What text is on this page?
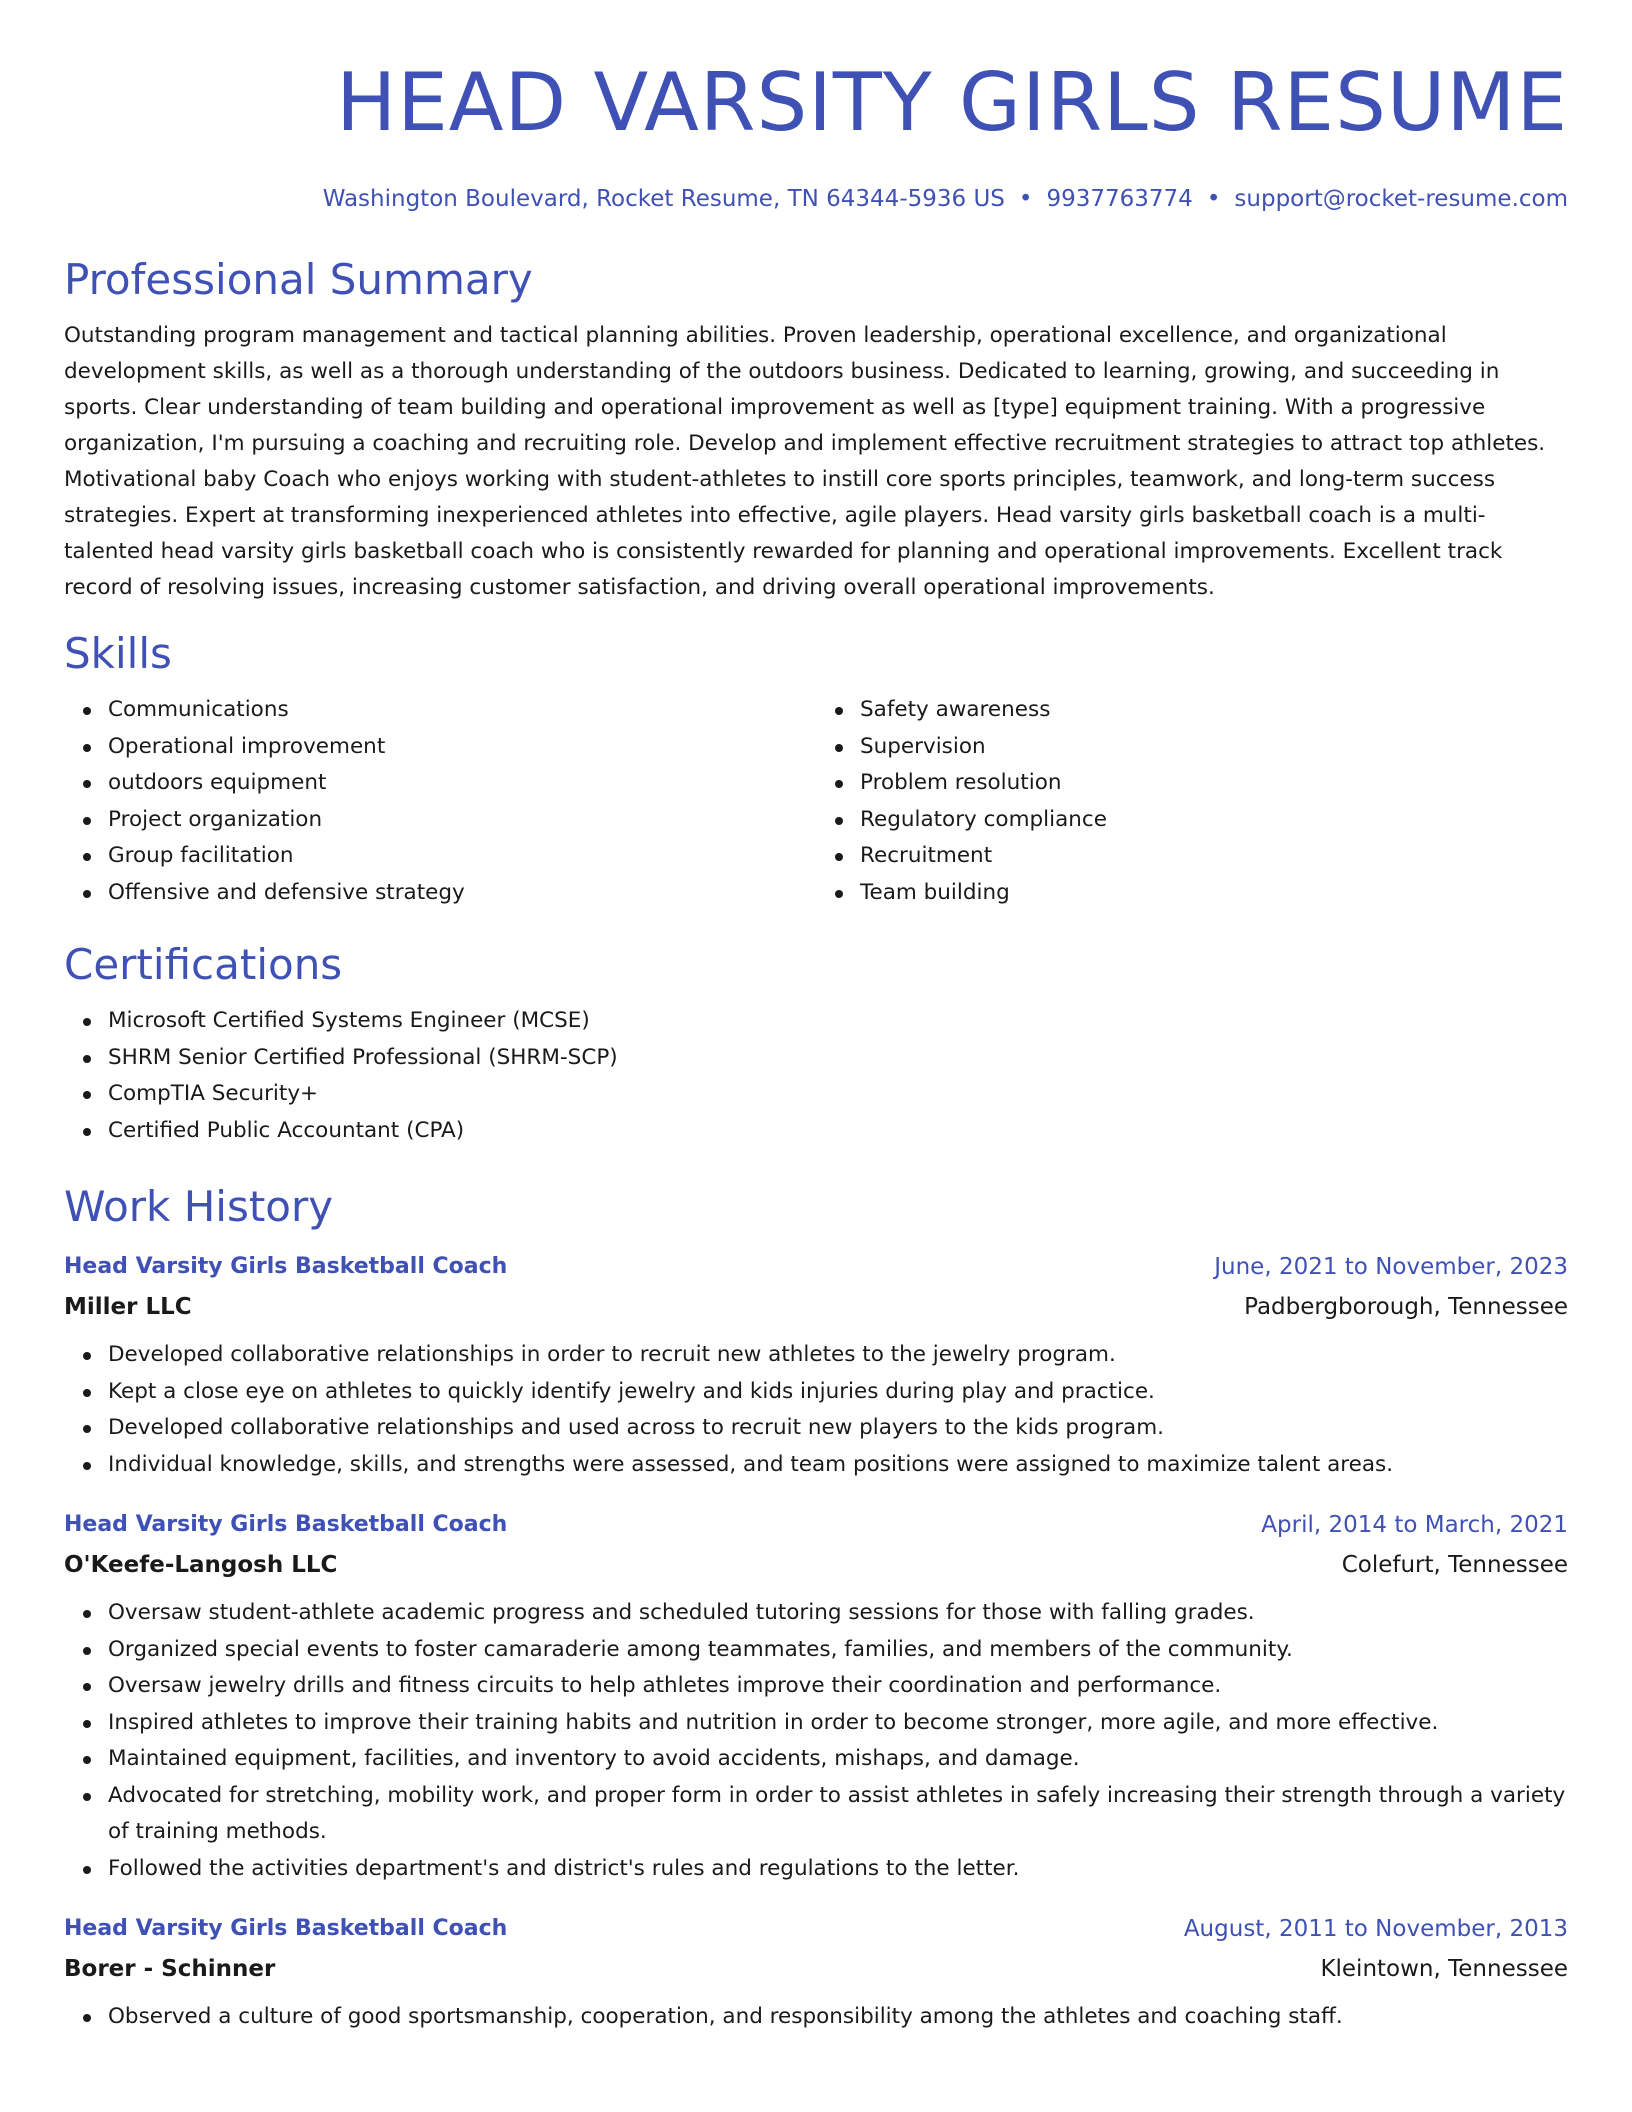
HEAD VARSITY GIRLS RESUME
Washington Boulevard, Rocket Resume, TN 64344-5936 US • 9937763774 • support@rocket-resume.com
Professional Summary
Outstanding program management and tactical planning abilities. Proven leadership, operational excellence, and organizational development skills, as well as a thorough understanding of the outdoors business. Dedicated to learning, growing, and succeeding in sports. Clear understanding of team building and operational improvement as well as [type] equipment training. With a progressive organization, I'm pursuing a coaching and recruiting role. Develop and implement effective recruitment strategies to attract top athletes. Motivational baby Coach who enjoys working with student-athletes to instill core sports principles, teamwork, and long-term success strategies. Expert at transforming inexperienced athletes into effective, agile players. Head varsity girls basketball coach is a multi-talented head varsity girls basketball coach who is consistently rewarded for planning and operational improvements. Excellent track record of resolving issues, increasing customer satisfaction, and driving overall operational improvements.
Skills
Communications
Operational improvement
outdoors equipment
Project organization
Group facilitation
Offensive and defensive strategy
Safety awareness
Supervision
Problem resolution
Regulatory compliance
Recruitment
Team building
Certifications
Microsoft Certified Systems Engineer (MCSE)
SHRM Senior Certified Professional (SHRM-SCP)
CompTIA Security+
Certified Public Accountant (CPA)
Work History
Head Varsity Girls Basketball Coach	June, 2021 to November, 2023
Miller LLC	Padbergborough, Tennessee
Developed collaborative relationships in order to recruit new athletes to the jewelry program.
Kept a close eye on athletes to quickly identify jewelry and kids injuries during play and practice.
Developed collaborative relationships and used across to recruit new players to the kids program.
Individual knowledge, skills, and strengths were assessed, and team positions were assigned to maximize talent areas.
Head Varsity Girls Basketball Coach	April, 2014 to March, 2021
O'Keefe-Langosh LLC	Colefurt, Tennessee
Oversaw student-athlete academic progress and scheduled tutoring sessions for those with falling grades.
Organized special events to foster camaraderie among teammates, families, and members of the community.
Oversaw jewelry drills and fitness circuits to help athletes improve their coordination and performance.
Inspired athletes to improve their training habits and nutrition in order to become stronger, more agile, and more effective.
Maintained equipment, facilities, and inventory to avoid accidents, mishaps, and damage.
Advocated for stretching, mobility work, and proper form in order to assist athletes in safely increasing their strength through a variety of training methods.
Followed the activities department's and district's rules and regulations to the letter.
Head Varsity Girls Basketball Coach	August, 2011 to November, 2013
Borer - Schinner	Kleintown, Tennessee
Observed a culture of good sportsmanship, cooperation, and responsibility among the athletes and coaching staff.
